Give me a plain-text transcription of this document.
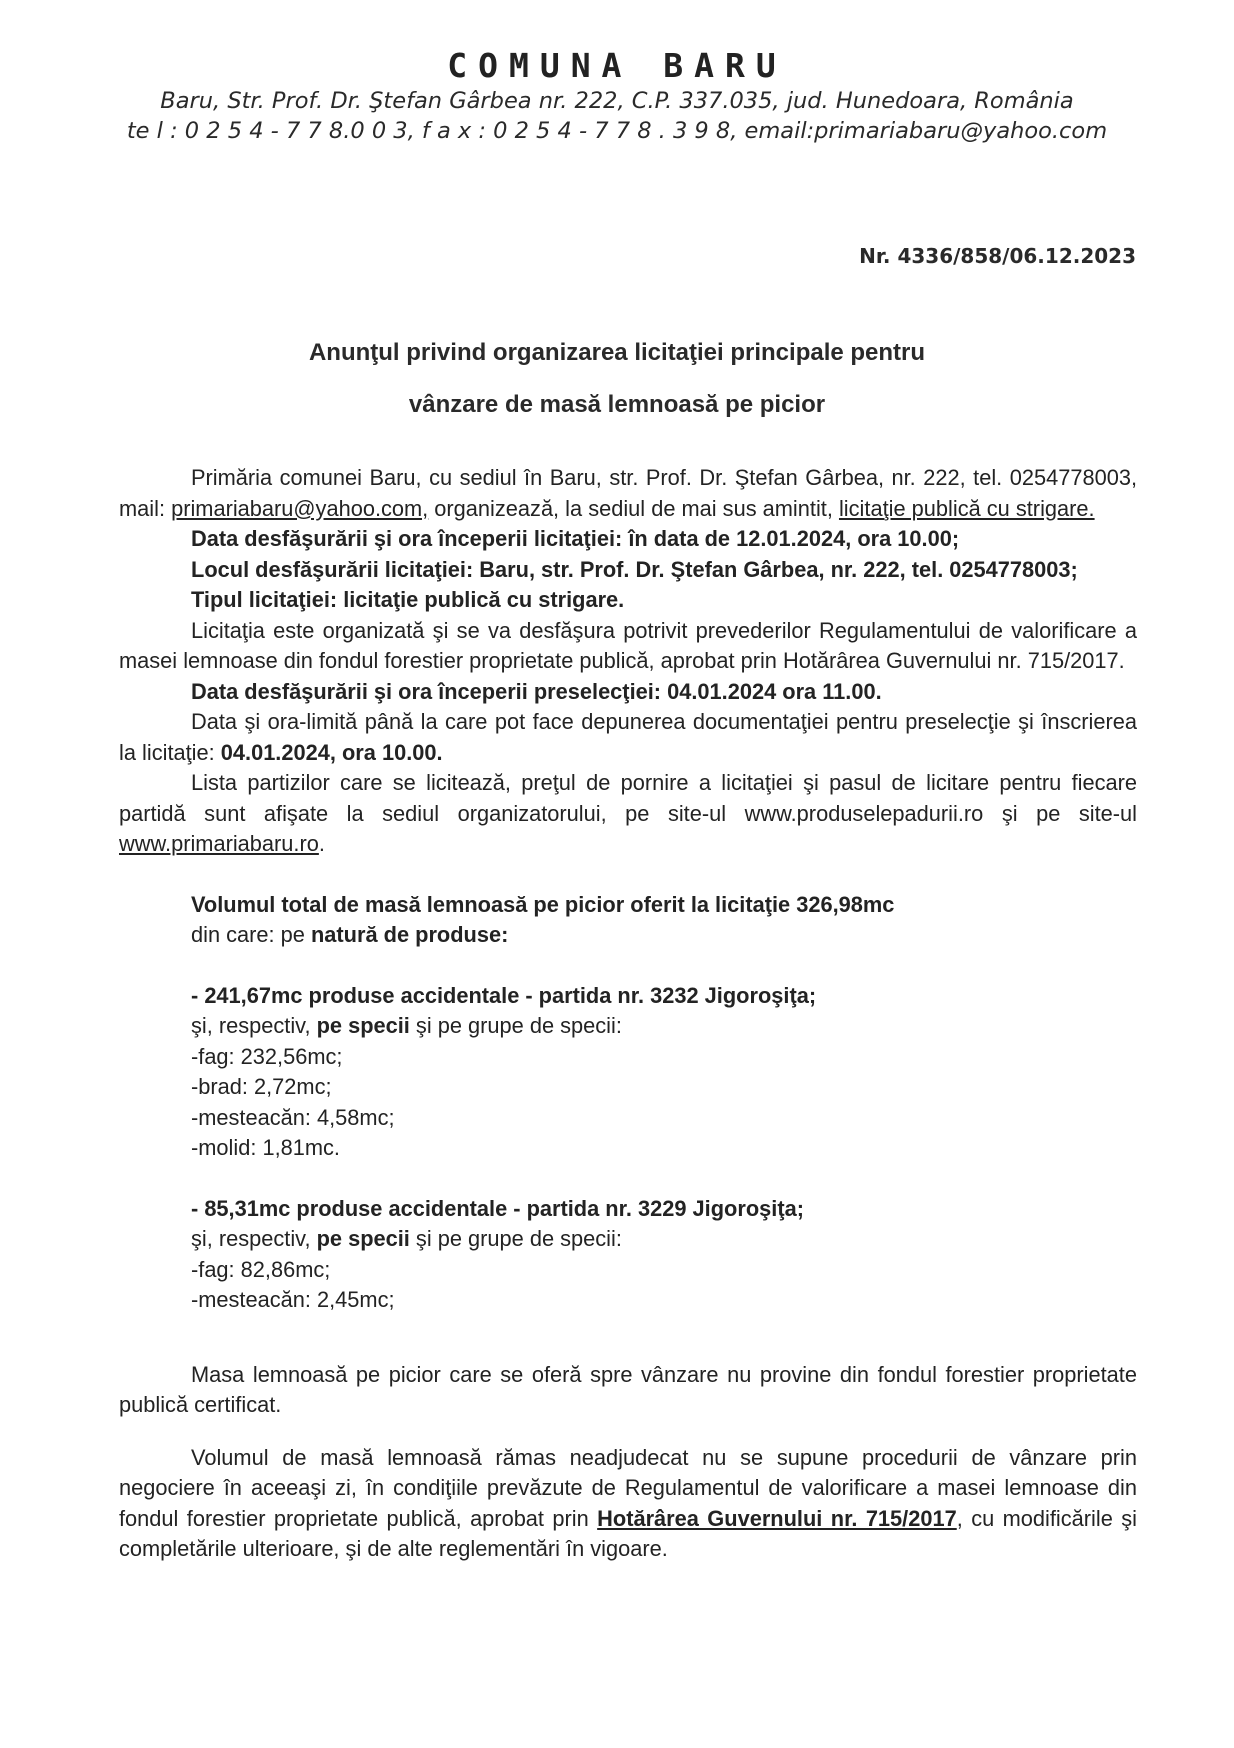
COMUNA BARU
Baru, Str. Prof. Dr. Ştefan Gârbea nr. 222, C.P. 337.035, jud. Hunedoara, România
te l : 0 2 5 4 - 7 7 8.0 0 3, f a x : 0 2 5 4 - 7 7 8 . 3 9 8, email:primariabaru@yahoo.com
Nr. 4336/858/06.12.2023
Anunţul privind organizarea licitaţiei principale pentru
vânzare de masă lemnoasă pe picior

Primăria comunei Baru, cu sediul în Baru, str. Prof. Dr. Ştefan Gârbea, nr. 222, tel. 0254778003, mail: primariabaru@yahoo.com, organizează, la sediul de mai sus amintit, licitaţie publică cu strigare.

Data desfăşurării şi ora începerii licitaţiei: în data de 12.01.2024, ora 10.00;

Locul desfăşurării licitaţiei: Baru, str. Prof. Dr. Ştefan Gârbea, nr. 222, tel. 0254778003;

Tipul licitaţiei: licitaţie publică cu strigare.

Licitaţia este organizată şi se va desfăşura potrivit prevederilor Regulamentului de valorificare a masei lemnoase din fondul forestier proprietate publică, aprobat prin Hotărârea Guvernului nr. 715/2017.

Data desfăşurării şi ora începerii preselecţiei: 04.01.2024 ora 11.00.

Data şi ora-limită până la care pot face depunerea documentaţiei pentru preselecţie şi înscrierea la licitaţie: 04.01.2024, ora 10.00.

Lista partizilor care se licitează, preţul de pornire a licitaţiei şi pasul de licitare pentru fiecare partidă sunt afişate la sediul organizatorului, pe site-ul www.produselepadurii.ro şi pe site-ul www.primariabaru.ro.

Volumul total de masă lemnoasă pe picior oferit la licitaţie 326,98mc

din care: pe natură de produse:

- 241,67mc produse accidentale - partida nr. 3232 Jigoroşiţa;

şi, respectiv, pe specii şi pe grupe de specii:

-fag: 232,56mc;

-brad: 2,72mc;

-mesteacăn: 4,58mc;

-molid: 1,81mc.

- 85,31mc produse accidentale - partida nr. 3229 Jigoroşiţa;

şi, respectiv, pe specii şi pe grupe de specii:

-fag: 82,86mc;

-mesteacăn: 2,45mc;

Masa lemnoasă pe picior care se oferă spre vânzare nu provine din fondul forestier proprietate publică certificat.

Volumul de masă lemnoasă rămas neadjudecat nu se supune procedurii de vânzare prin negociere în aceeaşi zi, în condiţiile prevăzute de Regulamentul de valorificare a masei lemnoase din fondul forestier proprietate publică, aprobat prin Hotărârea Guvernului nr. 715/2017, cu modificările şi completările ulterioare, şi de alte reglementări în vigoare.
